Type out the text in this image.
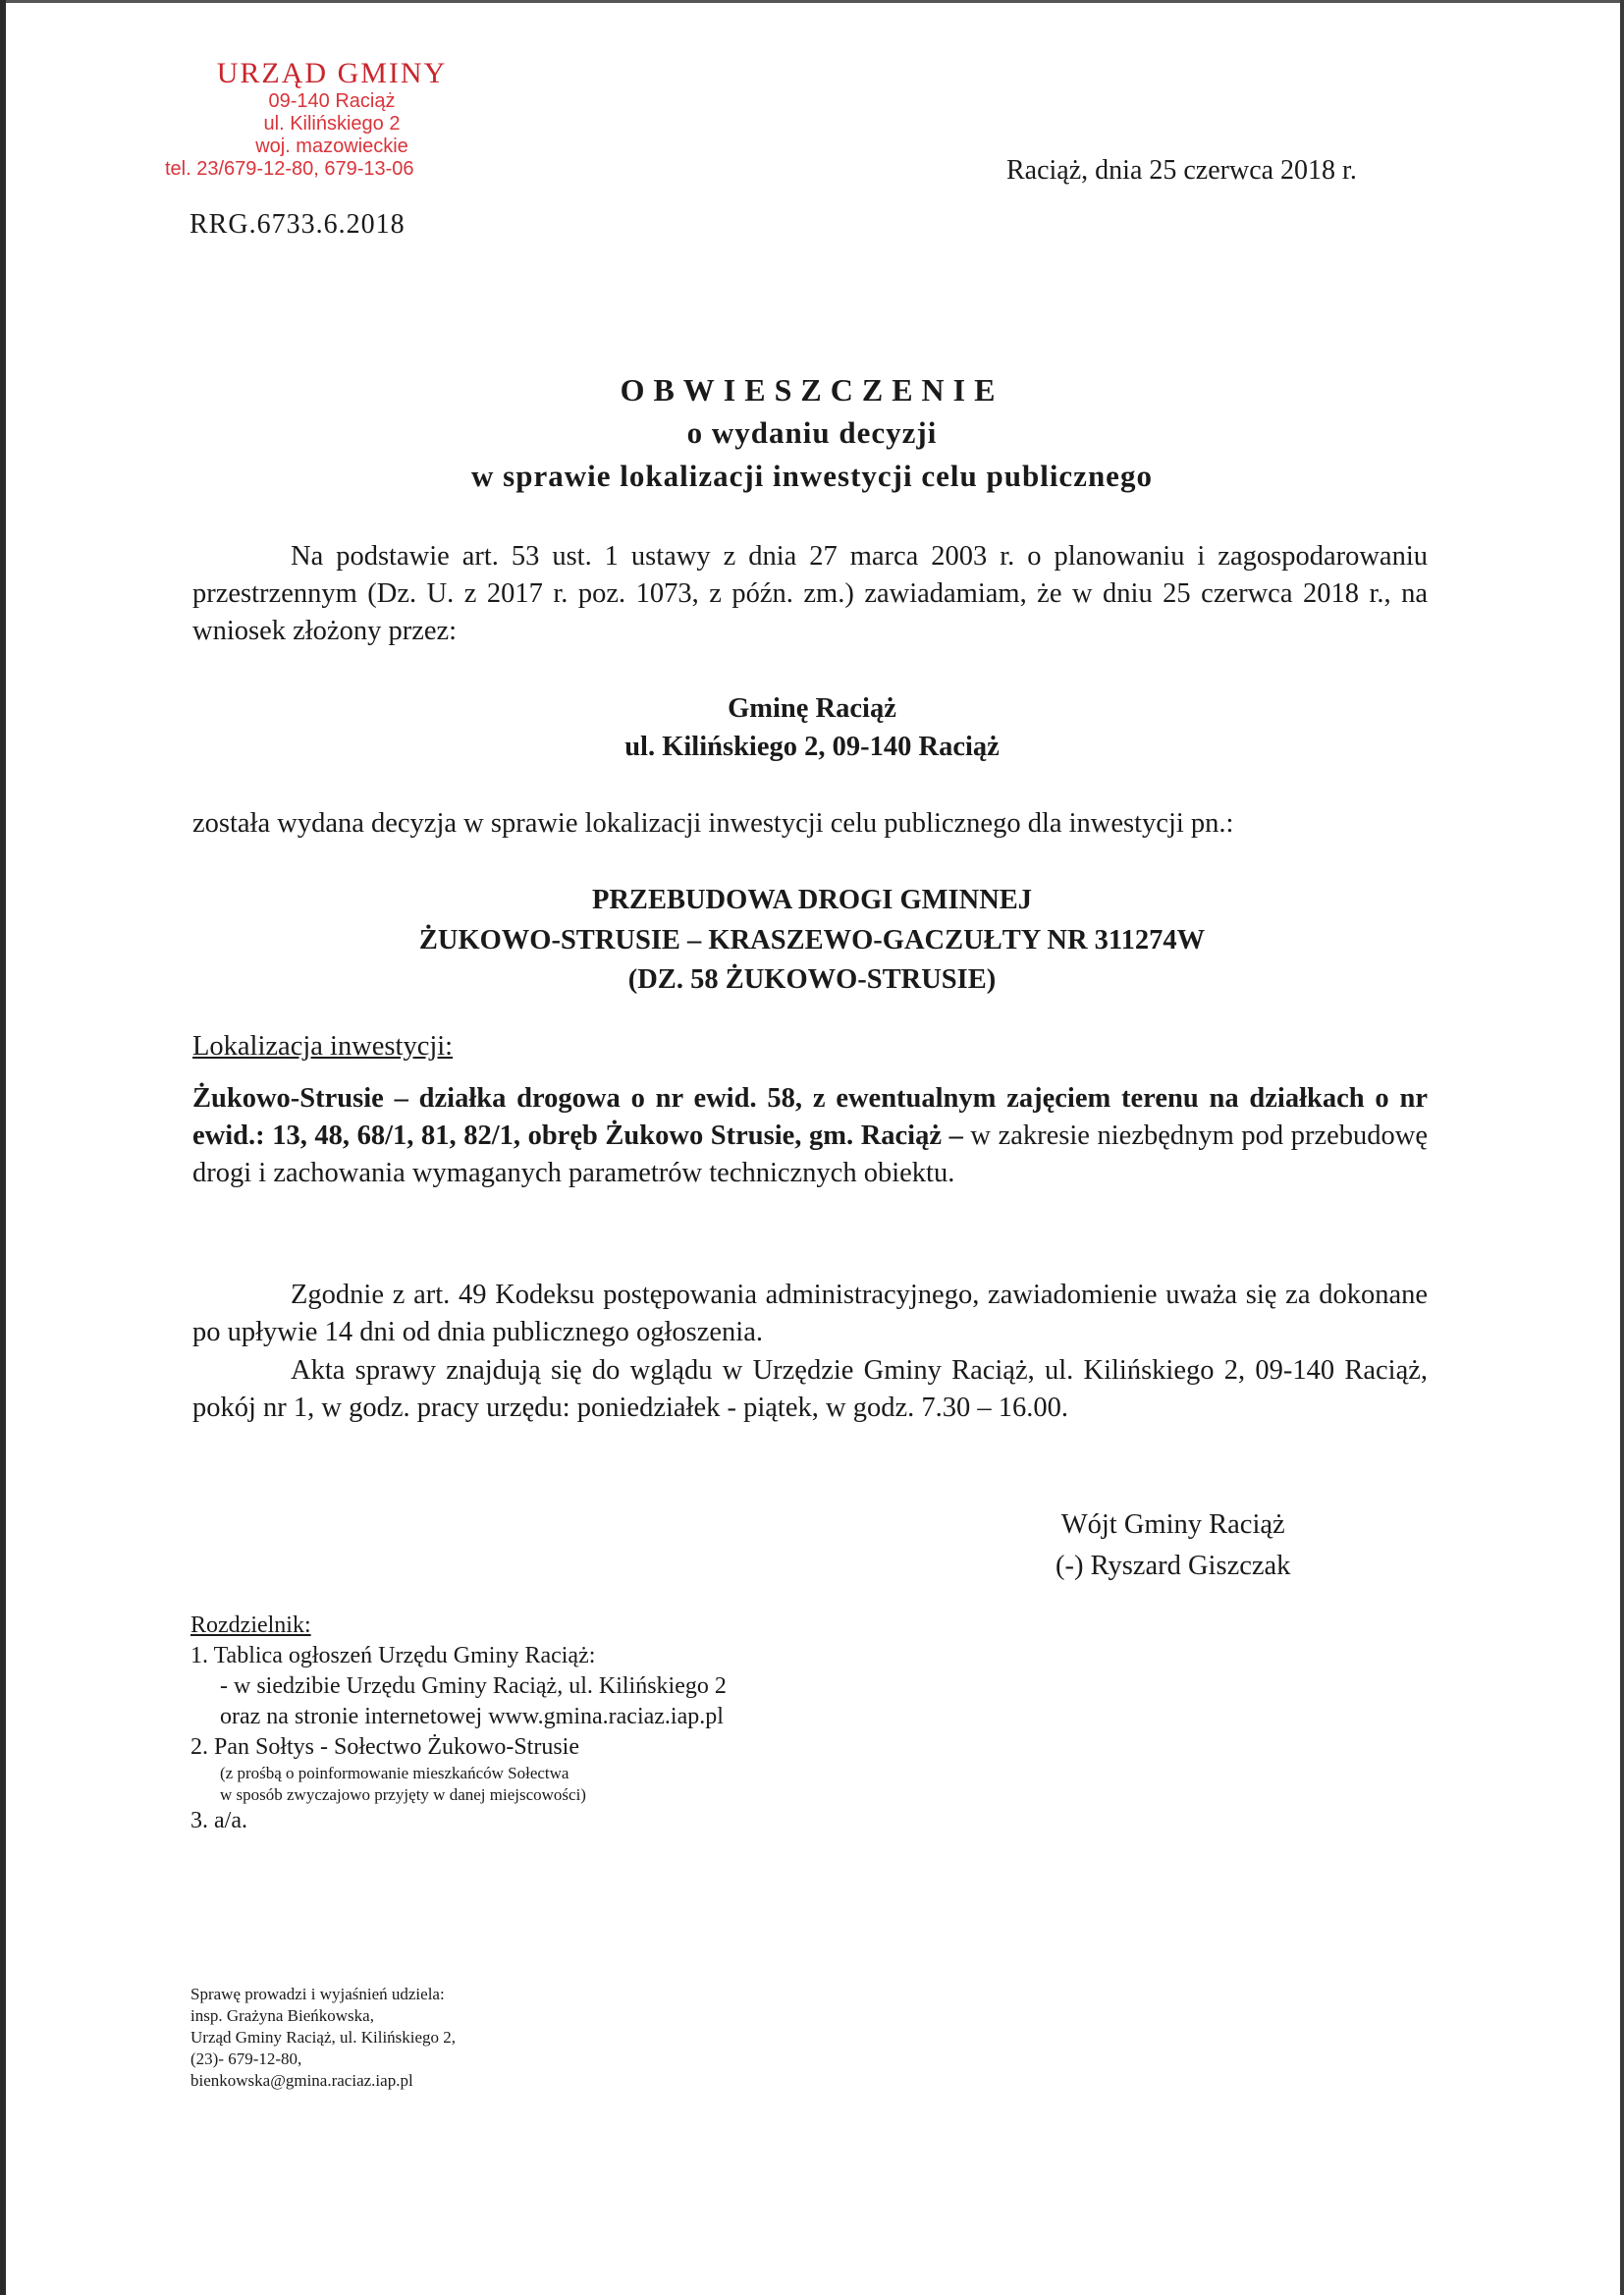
URZĄD GMINY
09-140 Raciąż
ul. Kilińskiego 2
woj. mazowieckie
tel. 23/679-12-80, 679-13-06
RRG.6733.6.2018
Raciąż, dnia 25 czerwca 2018 r.
OBWIESZCZENIE
o wydaniu decyzji
w sprawie lokalizacji inwestycji celu publicznego
Na podstawie art. 53 ust. 1 ustawy z dnia 27 marca 2003 r. o planowaniu i zagospodarowaniu przestrzennym (Dz. U. z 2017 r. poz. 1073, z późn. zm.) zawiadamiam, że w dniu 25 czerwca 2018 r., na wniosek złożony przez:
Gminę Raciąż
ul. Kilińskiego 2, 09-140 Raciąż
została wydana decyzja w sprawie lokalizacji inwestycji celu publicznego dla inwestycji pn.:
PRZEBUDOWA DROGI GMINNEJ
ŻUKOWO-STRUSIE – KRASZEWO-GACZUŁTY NR 311274W
(DZ. 58 ŻUKOWO-STRUSIE)
Lokalizacja inwestycji:
Żukowo-Strusie – działka drogowa o nr ewid. 58, z ewentualnym zajęciem terenu na działkach o nr ewid.: 13, 48, 68/1, 81, 82/1, obręb Żukowo Strusie, gm. Raciąż – w zakresie niezbędnym pod przebudowę drogi i zachowania wymaganych parametrów technicznych obiektu.
Zgodnie z art. 49 Kodeksu postępowania administracyjnego, zawiadomienie uważa się za dokonane po upływie 14 dni od dnia publicznego ogłoszenia.
Akta sprawy znajdują się do wglądu w Urzędzie Gminy Raciąż, ul. Kilińskiego 2, 09-140 Raciąż, pokój nr 1, w godz. pracy urzędu: poniedziałek - piątek, w godz. 7.30 – 16.00.
Wójt Gminy Raciąż
(-) Ryszard Giszczak
Rozdzielnik:
1. Tablica ogłoszeń Urzędu Gminy Raciąż:
- w siedzibie Urzędu Gminy Raciąż, ul. Kilińskiego 2
oraz na stronie internetowej www.gmina.raciaz.iap.pl
2. Pan Sołtys - Sołectwo Żukowo-Strusie
(z prośbą o poinformowanie mieszkańców Sołectwa
w sposób zwyczajowo przyjęty w danej miejscowości)
3. a/a.
Sprawę prowadzi i wyjaśnień udziela:
insp. Grażyna Bieńkowska,
Urząd Gminy Raciąż, ul. Kilińskiego 2,
(23)- 679-12-80,
bienkowska@gmina.raciaz.iap.pl
